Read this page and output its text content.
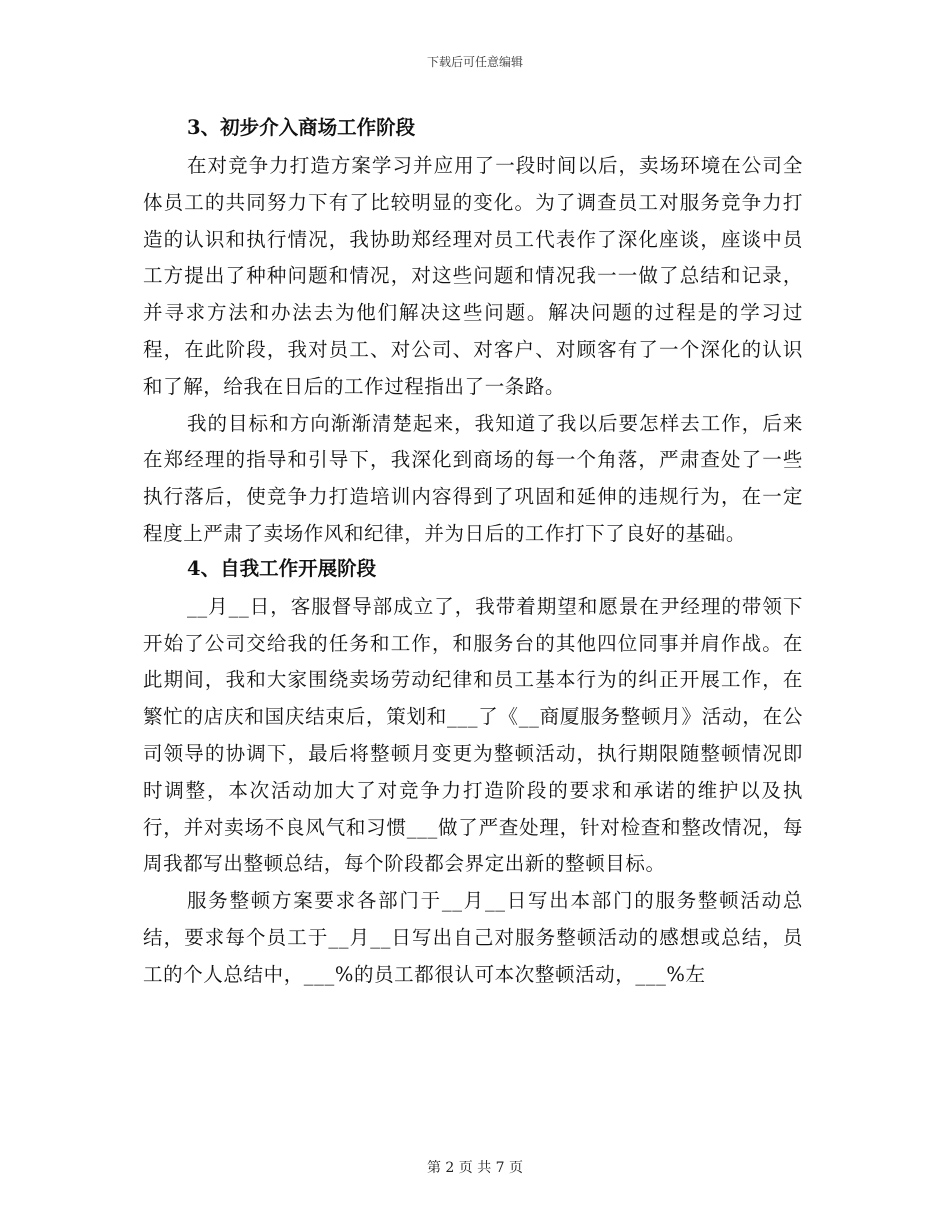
下载后可任意编辑
3、初步介入商场工作阶段

在对竞争力打造方案学习并应用了一段时间以后，卖场环境在公司全体员工的共同努力下有了比较明显的变化。为了调查员工对服务竞争力打造的认识和执行情况，我协助郑经理对员工代表作了深化座谈，座谈中员工方提出了种种问题和情况，对这些问题和情况我一一做了总结和记录，并寻求方法和办法去为他们解决这些问题。解决问题的过程是的学习过程，在此阶段，我对员工、对公司、对客户、对顾客有了一个深化的认识和了解，给我在日后的工作过程指出了一条路。

我的目标和方向渐渐清楚起来，我知道了我以后要怎样去工作，后来在郑经理的指导和引导下，我深化到商场的每一个角落，严肃查处了一些执行落后，使竞争力打造培训内容得到了巩固和延伸的违规行为，在一定程度上严肃了卖场作风和纪律，并为日后的工作打下了良好的基础。

4、自我工作开展阶段

__月__日，客服督导部成立了，我带着期望和愿景在尹经理的带领下开始了公司交给我的任务和工作，和服务台的其他四位同事并肩作战。在此期间，我和大家围绕卖场劳动纪律和员工基本行为的纠正开展工作，在繁忙的店庆和国庆结束后，策划和___了《__商厦服务整顿月》活动，在公司领导的协调下，最后将整顿月变更为整顿活动，执行期限随整顿情况即时调整，本次活动加大了对竞争力打造阶段的要求和承诺的维护以及执行，并对卖场不良风气和习惯___做了严查处理，针对检查和整改情况，每周我都写出整顿总结，每个阶段都会界定出新的整顿目标。

服务整顿方案要求各部门于__月__日写出本部门的服务整顿活动总结，要求每个员工于__月__日写出自己对服务整顿活动的感想或总结，员工的个人总结中，___%的员工都很认可本次整顿活动，___%左

第 2 页 共 7 页
